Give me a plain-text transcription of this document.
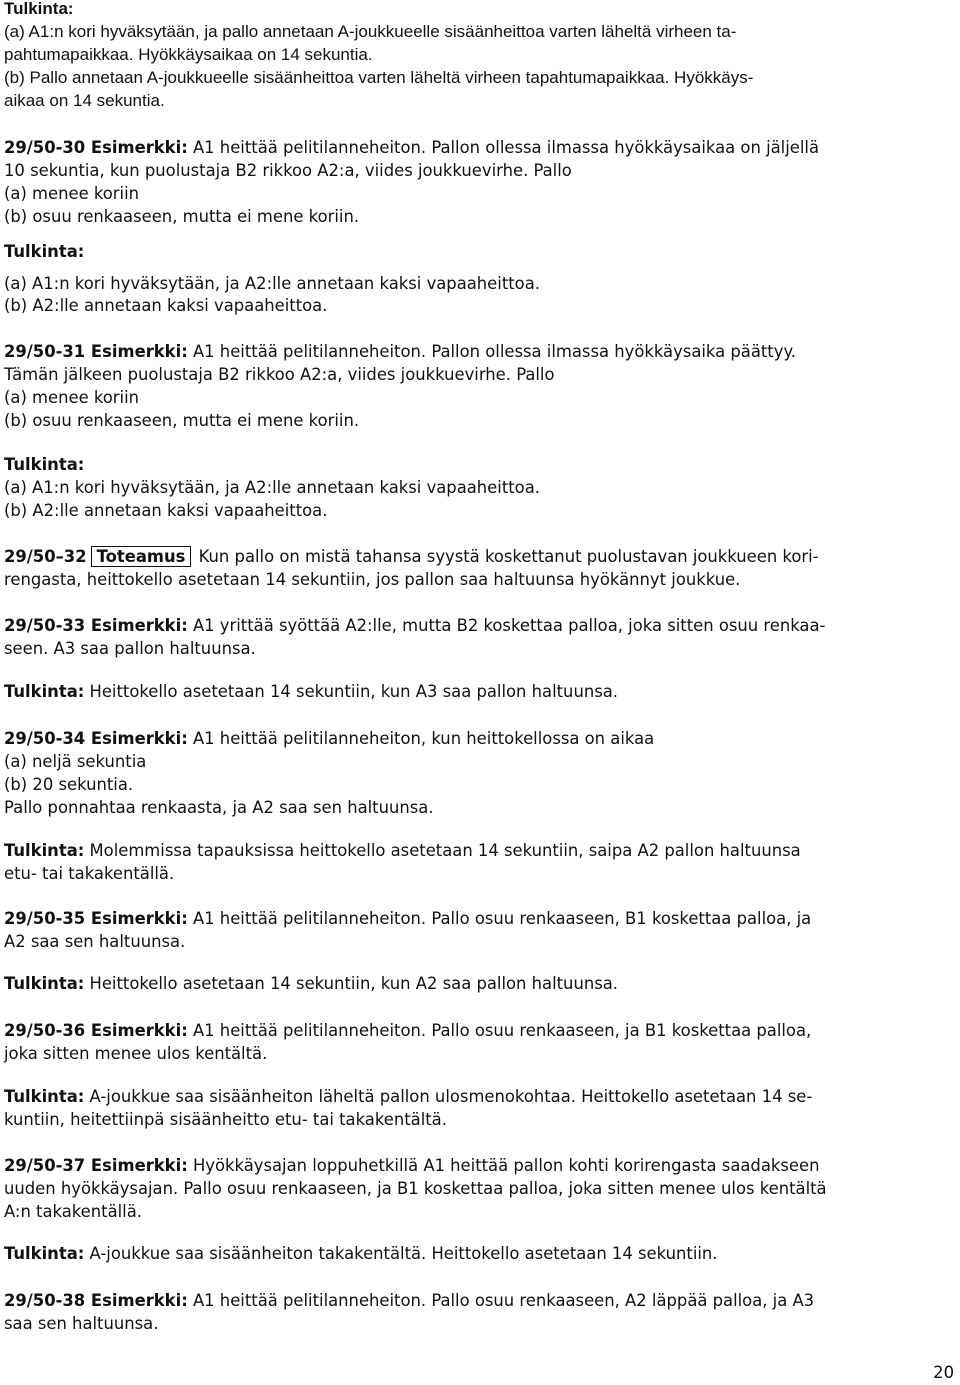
Tulkinta:
(a) A1:n kori hyväksytään, ja pallo annetaan A-joukkueelle sisäänheittoa varten läheltä virheen ta-
pahtumapaikkaa. Hyökkäysaikaa on 14 sekuntia.
(b) Pallo annetaan A-joukkueelle sisäänheittoa varten läheltä virheen tapahtumapaikkaa. Hyökkäys-
aikaa on 14 sekuntia.
29/50-30 Esimerkki: A1 heittää pelitilanneheiton. Pallon ollessa ilmassa hyökkäysaikaa on jäljellä
10 sekuntia, kun puolustaja B2 rikkoo A2:a, viides joukkuevirhe. Pallo
(a) menee koriin
(b) osuu renkaaseen, mutta ei mene koriin.
Tulkinta:
(a) A1:n kori hyväksytään, ja A2:lle annetaan kaksi vapaaheittoa.
(b) A2:lle annetaan kaksi vapaaheittoa.
29/50-31 Esimerkki: A1 heittää pelitilanneheiton. Pallon ollessa ilmassa hyökkäysaika päättyy.
Tämän jälkeen puolustaja B2 rikkoo A2:a, viides joukkuevirhe. Pallo
(a) menee koriin
(b) osuu renkaaseen, mutta ei mene koriin.
Tulkinta:
(a) A1:n kori hyväksytään, ja A2:lle annetaan kaksi vapaaheittoa.
(b) A2:lle annetaan kaksi vapaaheittoa.
29/50–32 Toteamus Kun pallo on mistä tahansa syystä koskettanut puolustavan joukkueen kori-
rengasta, heittokello asetetaan 14 sekuntiin, jos pallon saa haltuunsa hyökännyt joukkue.
29/50-33 Esimerkki: A1 yrittää syöttää A2:lle, mutta B2 koskettaa palloa, joka sitten osuu renkaa-
seen. A3 saa pallon haltuunsa.
Tulkinta: Heittokello asetetaan 14 sekuntiin, kun A3 saa pallon haltuunsa.
29/50-34 Esimerkki: A1 heittää pelitilanneheiton, kun heittokellossa on aikaa
(a) neljä sekuntia
(b) 20 sekuntia.
Pallo ponnahtaa renkaasta, ja A2 saa sen haltuunsa.
Tulkinta: Molemmissa tapauksissa heittokello asetetaan 14 sekuntiin, saipa A2 pallon haltuunsa
etu- tai takakentällä.
29/50-35 Esimerkki: A1 heittää pelitilanneheiton. Pallo osuu renkaaseen, B1 koskettaa palloa, ja
A2 saa sen haltuunsa.
Tulkinta: Heittokello asetetaan 14 sekuntiin, kun A2 saa pallon haltuunsa.
29/50-36 Esimerkki: A1 heittää pelitilanneheiton. Pallo osuu renkaaseen, ja B1 koskettaa palloa,
joka sitten menee ulos kentältä.
Tulkinta: A-joukkue saa sisäänheiton läheltä pallon ulosmenokohtaa. Heittokello asetetaan 14 se-
kuntiin, heitettiinpä sisäänheitto etu- tai takakentältä.
29/50-37 Esimerkki: Hyökkäysajan loppuhetkillä A1 heittää pallon kohti korirengasta saadakseen
uuden hyökkäysajan. Pallo osuu renkaaseen, ja B1 koskettaa palloa, joka sitten menee ulos kentältä
A:n takakentällä.
Tulkinta: A-joukkue saa sisäänheiton takakentältä. Heittokello asetetaan 14 sekuntiin.
29/50-38 Esimerkki: A1 heittää pelitilanneheiton. Pallo osuu renkaaseen, A2 läppää palloa, ja A3
saa sen haltuunsa.
20
